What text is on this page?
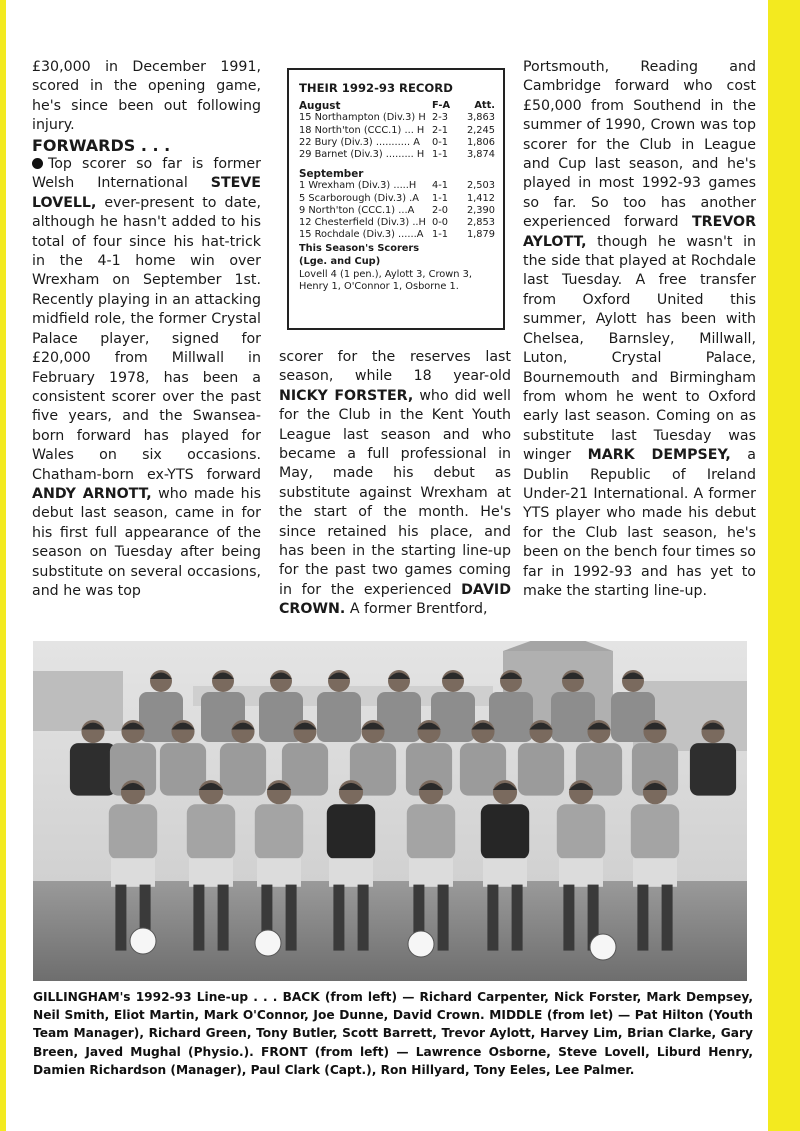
£30,000 in December 1991, scored in the opening game, he's since been out following injury.

FORWARDS . . .

Top scorer so far is former Welsh International STEVE LOVELL, ever-present to date, although he hasn't added to his total of four since his hat-trick in the 4-1 home win over Wrexham on September 1st. Recently playing in an attacking midfield role, the former Crystal Palace player, signed for £20,000 from Millwall in February 1978, has been a consistent scorer over the past five years, and the Swansea-born forward has played for Wales on six occasions. Chatham-born ex-YTS forward ANDY ARNOTT, who made his debut last season, came in for his first full appearance of the season on Tuesday after being substitute on several occasions, and he was top

THEIR 1992-93 RECORD
August	F-A	Att.
15 Northampton (Div.3) H 2-3	3,863
18 North'ton (CCC.1) ... H 2-1	2,245
22 Bury (Div.3) ........... A	0-1	1,806
29 Barnet (Div.3) ......... H 1-1	3,874
September
1 Wrexham (Div.3) .....H	4-1	2,503
5 Scarborough (Div.3) .A	1-1	1,412
9 North'ton (CCC.1) ...A	2-0	2,390
12 Chesterfield (Div.3) ..H 0-0	2,853
15 Rochdale (Div.3) ......A 1-1	1,879
This Season's Scorers
(Lge. and Cup)
Lovell 4 (1 pen.), Aylott 3, Crown 3, Henry 1, O'Connor 1, Osborne 1.

scorer for the reserves last season, while 18 year-old NICKY FORSTER, who did well for the Club in the Kent Youth League last season and who became a full professional in May, made his debut as substitute against Wrexham at the start of the month. He's since retained his place, and has been in the starting line-up for the past two games coming in for the experienced DAVID CROWN. A former Brentford,

Portsmouth, Reading and Cambridge forward who cost £50,000 from Southend in the summer of 1990, Crown was top scorer for the Club in League and Cup last season, and he's played in most 1992-93 games so far. So too has another experienced forward TREVOR AYLOTT, though he wasn't in the side that played at Rochdale last Tuesday. A free transfer from Oxford United this summer, Aylott has been with Chelsea, Barnsley, Millwall, Luton, Crystal Palace, Bournemouth and Birmingham from whom he went to Oxford early last season. Coming on as substitute last Tuesday was winger MARK DEMPSEY, a Dublin Republic of Ireland Under-21 International. A former YTS player who made his debut for the Club last season, he's been on the bench four times so far in 1992-93 and has yet to make the starting line-up.

GILLINGHAM's 1992-93 Line-up . . . BACK (from left) — Richard Carpenter, Nick Forster, Mark Dempsey, Neil Smith, Eliot Martin, Mark O'Connor, Joe Dunne, David Crown. MIDDLE (from let) — Pat Hilton (Youth Team Manager), Richard Green, Tony Butler, Scott Barrett, Trevor Aylott, Harvey Lim, Brian Clarke, Gary Breen, Javed Mughal (Physio.). FRONT (from left) — Lawrence Osborne, Steve Lovell, Liburd Henry, Damien Richardson (Manager), Paul Clark (Capt.), Ron Hillyard, Tony Eeles, Lee Palmer.
